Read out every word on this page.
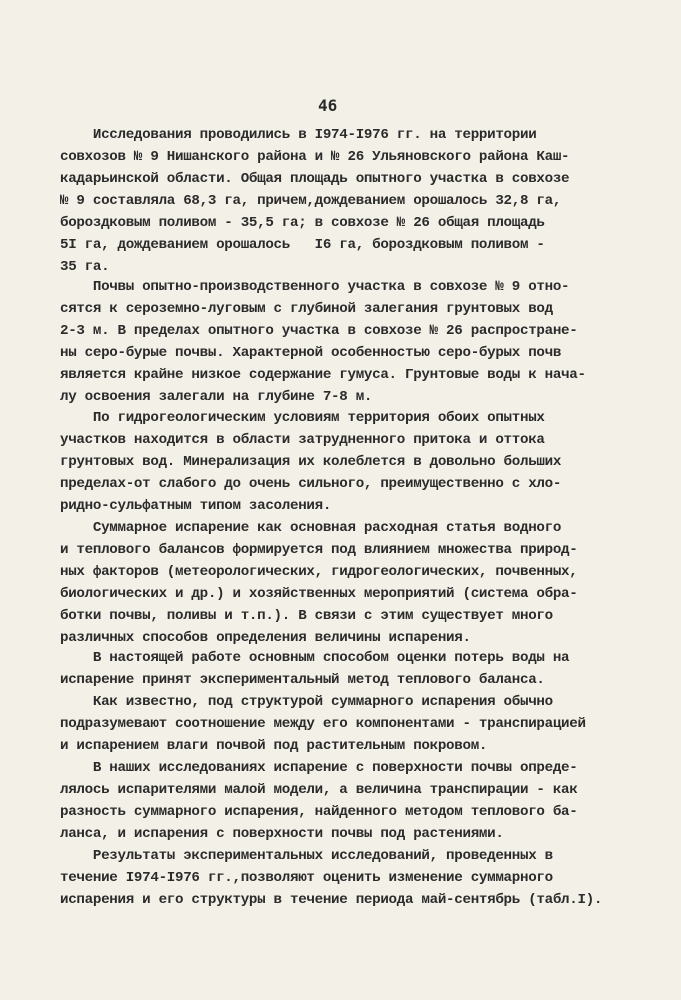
46
Исследования проводились в I974-I976 гг. на территории
совхозов № 9 Нишанского района и № 26 Ульяновского района Каш-
кадарьинской области. Общая площадь опытного участка в совхозе
№ 9 составляла 68,3 га, причем,дождеванием орошалось 32,8 га,
бороздковым поливом - 35,5 га; в совхозе № 26 общая площадь
5I га, дождеванием орошалось   I6 га, бороздковым поливом -
35 га.
Почвы опытно-производственного участка в совхозе № 9 отно-
сятся к сероземно-луговым с глубиной залегания грунтовых вод
2-3 м. В пределах опытного участка в совхозе № 26 распростране-
ны серо-бурые почвы. Характерной особенностью серо-бурых почв
является крайне низкое содержание гумуса. Грунтовые воды к нача-
лу освоения залегали на глубине 7-8 м.
По гидрогеологическим условиям территория обоих опытных
участков находится в области затрудненного притока и оттока
грунтовых вод. Минерализация их колеблется в довольно больших
пределах-от слабого до очень сильного, преимущественно с хло-
ридно-сульфатным типом засоления.
Суммарное испарение как основная расходная статья водного
и теплового балансов формируется под влиянием множества природ-
ных факторов (метеорологических, гидрогеологических, почвенных,
биологических и др.) и хозяйственных мероприятий (система обра-
ботки почвы, поливы и т.п.). В связи с этим существует много
различных способов определения величины испарения.
В настоящей работе основным способом оценки потерь воды на
испарение принят экспериментальный метод теплового баланса.
Как известно, под структурой суммарного испарения обычно
подразумевают соотношение между его компонентами - транспирацией
и испарением влаги почвой под растительным покровом.
В наших исследованиях испарение с поверхности почвы опреде-
лялось испарителями малой модели, а величина транспирации - как
разность суммарного испарения, найденного методом теплового ба-
ланса, и испарения с поверхности почвы под растениями.
Результаты экспериментальных исследований, проведенных в
течение I974-I976 гг.,позволяют оценить изменение суммарного
испарения и его структуры в течение периода май-сентябрь (табл.I).
